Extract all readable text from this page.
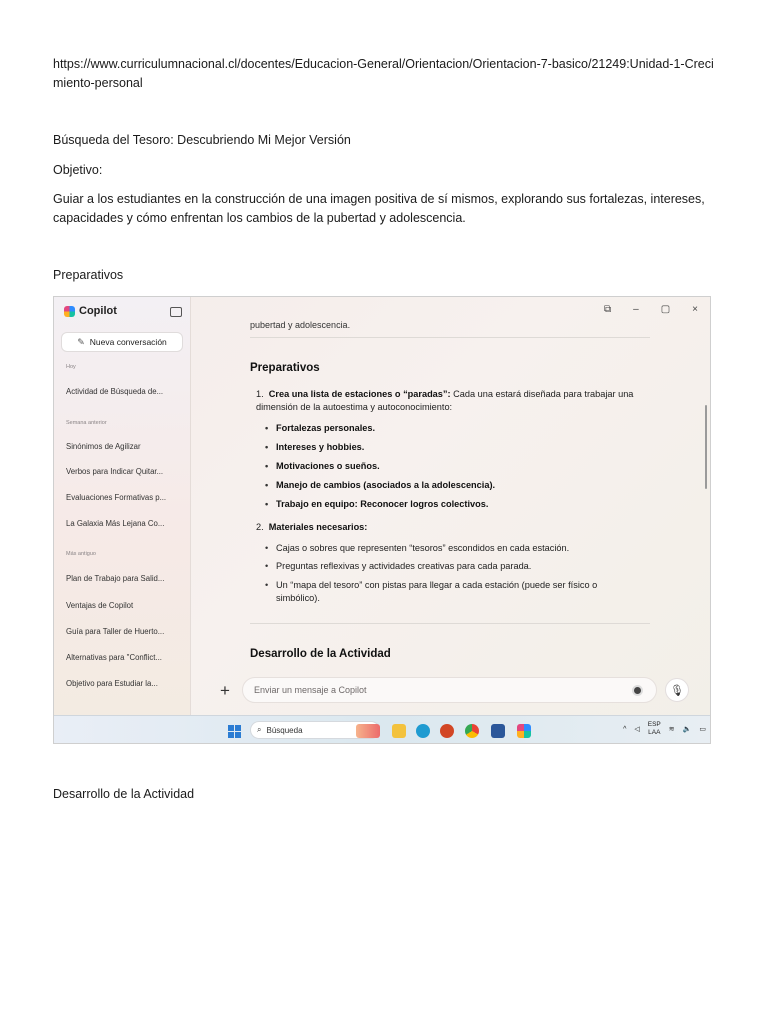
https://www.curriculumnacional.cl/docentes/Educacion-General/Orientacion/Orientacion-7-basico/21249:Unidad-1-Crecimiento-personal
Búsqueda del Tesoro: Descubriendo Mi Mejor Versión
Objetivo:
Guiar a los estudiantes en la construcción de una imagen positiva de sí mismos, explorando sus fortalezas, intereses, capacidades y cómo enfrentan los cambios de la pubertad y adolescencia.
Preparativos
Copilot
✎ Nueva conversación
Hoy
Actividad de Búsqueda de...
Semana anterior
Sinónimos de Agilizar
Verbos para Indicar Quitar...
Evaluaciones Formativas p...
La Galaxia Más Lejana Co...
Más antiguo
Plan de Trabajo para Salid...
Ventajas de Copilot
Guía para Taller de Huerto...
Alternativas para "Conflict...
Objetivo para Estudiar la...
⧉ – ▢ ×
pubertad y adolescencia.
Preparativos
1.  Crea una lista de estaciones o “paradas”: Cada una estará diseñada para trabajar una dimensión de la autoestima y autoconocimiento:
• Fortalezas personales.
• Intereses y hobbies.
• Motivaciones o sueños.
• Manejo de cambios (asociados a la adolescencia).
• Trabajo en equipo: Reconocer logros colectivos.
2.  Materiales necesarios:
• Cajas o sobres que representen “tesoros” escondidos en cada estación.
• Preguntas reflexivas y actividades creativas para cada parada.
• Un “mapa del tesoro” con pistas para llegar a cada estación (puede ser físico o simbólico).
Desarrollo de la Actividad
+
Enviar un mensaje a Copilot	🎙
⌕ Búsqueda	^ ◁
ESP
LAA ≋ 🔈 ▭
Desarrollo de la Actividad
